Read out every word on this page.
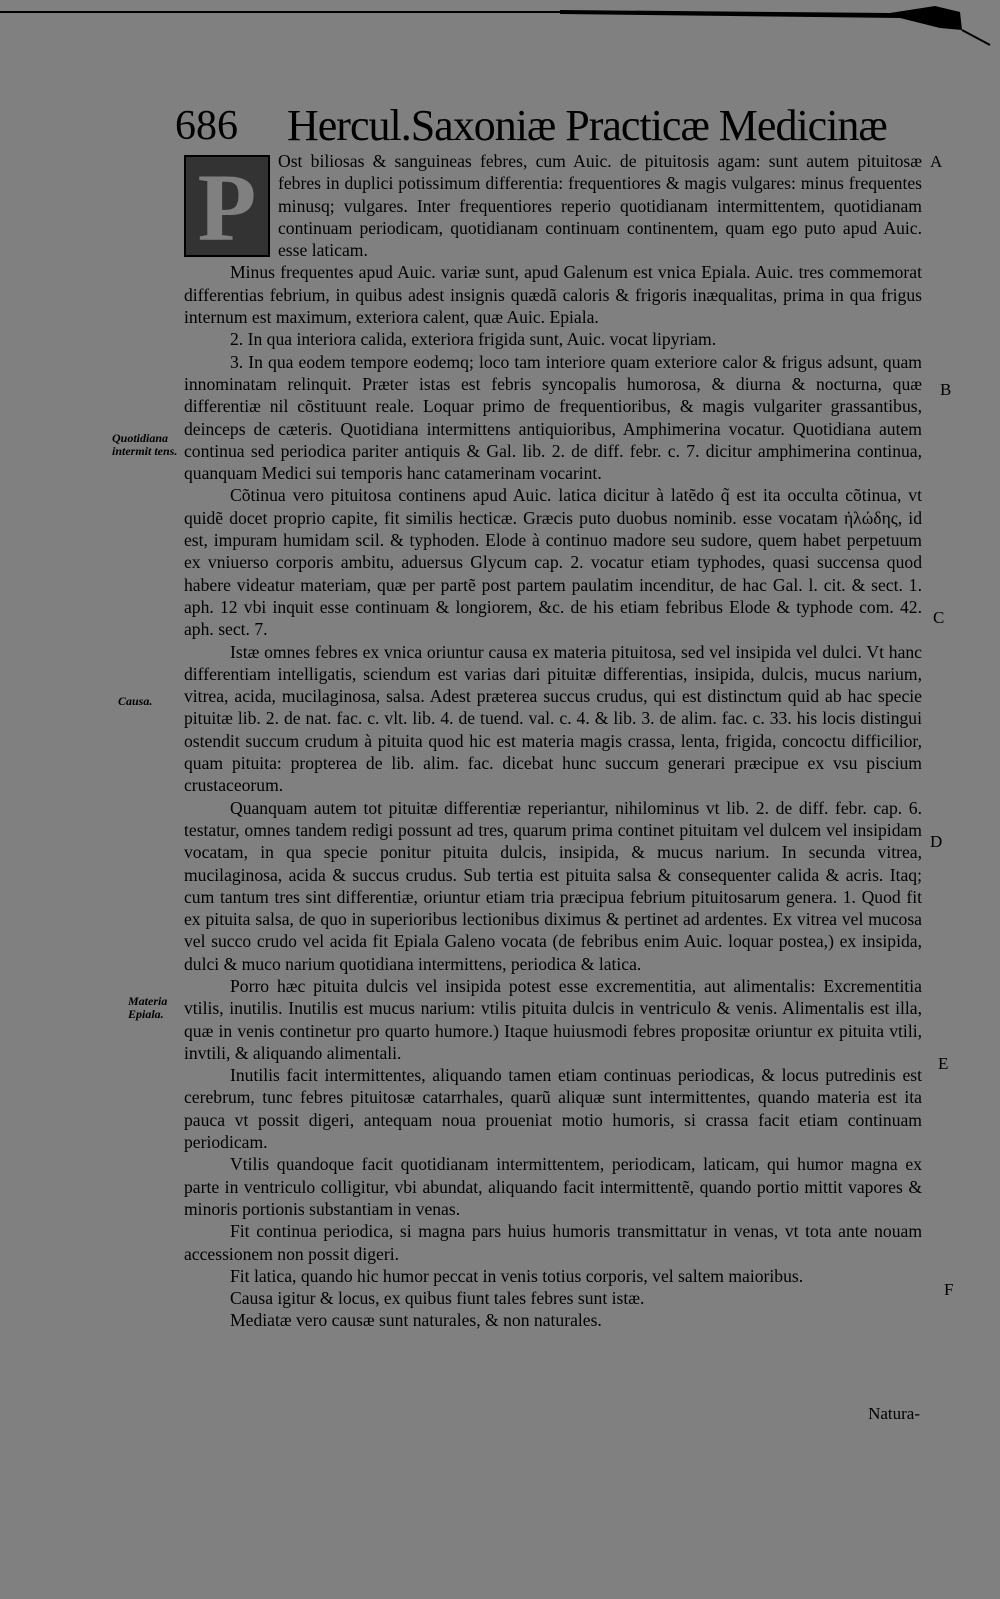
686 Hercul.Saxoniæ Practicæ Medicinæ

P	Ost biliosas & sanguineas febres, cum Auic. de pituitosis agam: sunt autem pituitosæ febres in duplici potissimum differentia: frequentiores & magis vulgares: minus frequentes minusq; vulgares. Inter frequentiores reperio quotidianam intermittentem, quotidianam continuam periodicam, quotidianam continuam continentem, quam ego puto apud Auic. esse laticam.

Minus frequentes apud Auic. variæ sunt, apud Galenum est vnica Epiala. Auic. tres commemorat differentias febrium, in quibus adest insignis quædã caloris & frigoris inæqualitas, prima in qua frigus internum est maximum, exteriora calent, quæ Auic. Epiala.

2. In qua interiora calida, exteriora frigida sunt, Auic. vocat lipyriam.

3. In qua eodem tempore eodemq; loco tam interiore quam exteriore calor & frigus adsunt, quam innominatam relinquit. Præter istas est febris syncopalis humorosa, & diurna & nocturna, quæ differentiæ nil cõstituunt reale. Loquar primo de frequentioribus, & magis vulgariter grassantibus, deinceps de cæteris. Quotidiana intermittens antiquioribus, Amphimerina vocatur. Quotidiana autem continua sed periodica pariter antiquis & Gal. lib. 2. de diff. febr. c. 7. dicitur amphimerina continua, quanquam Medici sui temporis hanc catamerinam vocarint.

Cõtinua vero pituitosa continens apud Auic. latica dicitur à latẽdo q̃ est ita occulta cõtinua, vt quidẽ docet proprio capite, fit similis hecticæ. Græcis puto duobus nominib. esse vocatam ἠλώδης, id est, impuram humidam scil. & typhoden. Elode à continuo madore seu sudore, quem habet perpetuum ex vniuerso corporis ambitu, aduersus Glycum cap. 2. vocatur etiam typhodes, quasi succensa quod habere videatur materiam, quæ per partẽ post partem paulatim incenditur, de hac Gal. l. cit. & sect. 1. aph. 12 vbi inquit esse continuam & longiorem, &c. de his etiam febribus Elode & typhode com. 42. aph. sect. 7.

Istæ omnes febres ex vnica oriuntur causa ex materia pituitosa, sed vel insipida vel dulci. Vt hanc differentiam intelligatis, sciendum est varias dari pituitæ differentias, insipida, dulcis, mucus narium, vitrea, acida, mucilaginosa, salsa. Adest præterea succus crudus, qui est distinctum quid ab hac specie pituitæ lib. 2. de nat. fac. c. vlt. lib. 4. de tuend. val. c. 4. & lib. 3. de alim. fac. c. 33. his locis distingui ostendit succum crudum à pituita quod hic est materia magis crassa, lenta, frigida, concoctu difficilior, quam pituita: propterea de lib. alim. fac. dicebat hunc succum generari præcipue ex vsu piscium crustaceorum.

Quanquam autem tot pituitæ differentiæ reperiantur, nihilominus vt lib. 2. de diff. febr. cap. 6. testatur, omnes tandem redigi possunt ad tres, quarum prima continet pituitam vel dulcem vel insipidam vocatam, in qua specie ponitur pituita dulcis, insipida, & mucus narium. In secunda vitrea, mucilaginosa, acida & succus crudus. Sub tertia est pituita salsa & consequenter calida & acris. Itaq; cum tantum tres sint differentiæ, oriuntur etiam tria præcipua febrium pituitosarum genera. 1. Quod fit ex pituita salsa, de quo in superioribus lectionibus diximus & pertinet ad ardentes. Ex vitrea vel mucosa vel succo crudo vel acida fit Epiala Galeno vocata (de febribus enim Auic. loquar postea,) ex insipida, dulci & muco narium quotidiana intermittens, periodica & latica.

Porro hæc pituita dulcis vel insipida potest esse excrementitia, aut alimentalis: Excrementitia vtilis, inutilis. Inutilis est mucus narium: vtilis pituita dulcis in ventriculo & venis. Alimentalis est illa, quæ in venis continetur pro quarto humore.) Itaque huiusmodi febres propositæ oriuntur ex pituita vtili, invtili, & aliquando alimentali.

Inutilis facit intermittentes, aliquando tamen etiam continuas periodicas, & locus putredinis est cerebrum, tunc febres pituitosæ catarrhales, quarũ aliquæ sunt intermittentes, quando materia est ita pauca vt possit digeri, antequam noua proueniat motio humoris, si crassa facit etiam continuam periodicam.

Vtilis quandoque facit quotidianam intermittentem, periodicam, laticam, qui humor magna ex parte in ventriculo colligitur, vbi abundat, aliquando facit intermittentẽ, quando portio mittit vapores & minoris portionis substantiam in venas.

Fit continua periodica, si magna pars huius humoris transmittatur in venas, vt tota ante nouam accessionem non possit digeri.

Fit latica, quando hic humor peccat in venis totius corporis, vel saltem maioribus.

Causa igitur & locus, ex quibus fiunt tales febres sunt istæ.

Mediatæ vero causæ sunt naturales, & non naturales.

Quotidiana intermit tens.
Causa.
Materia Epiala.
A
B
C
D
E
F
Natura-
